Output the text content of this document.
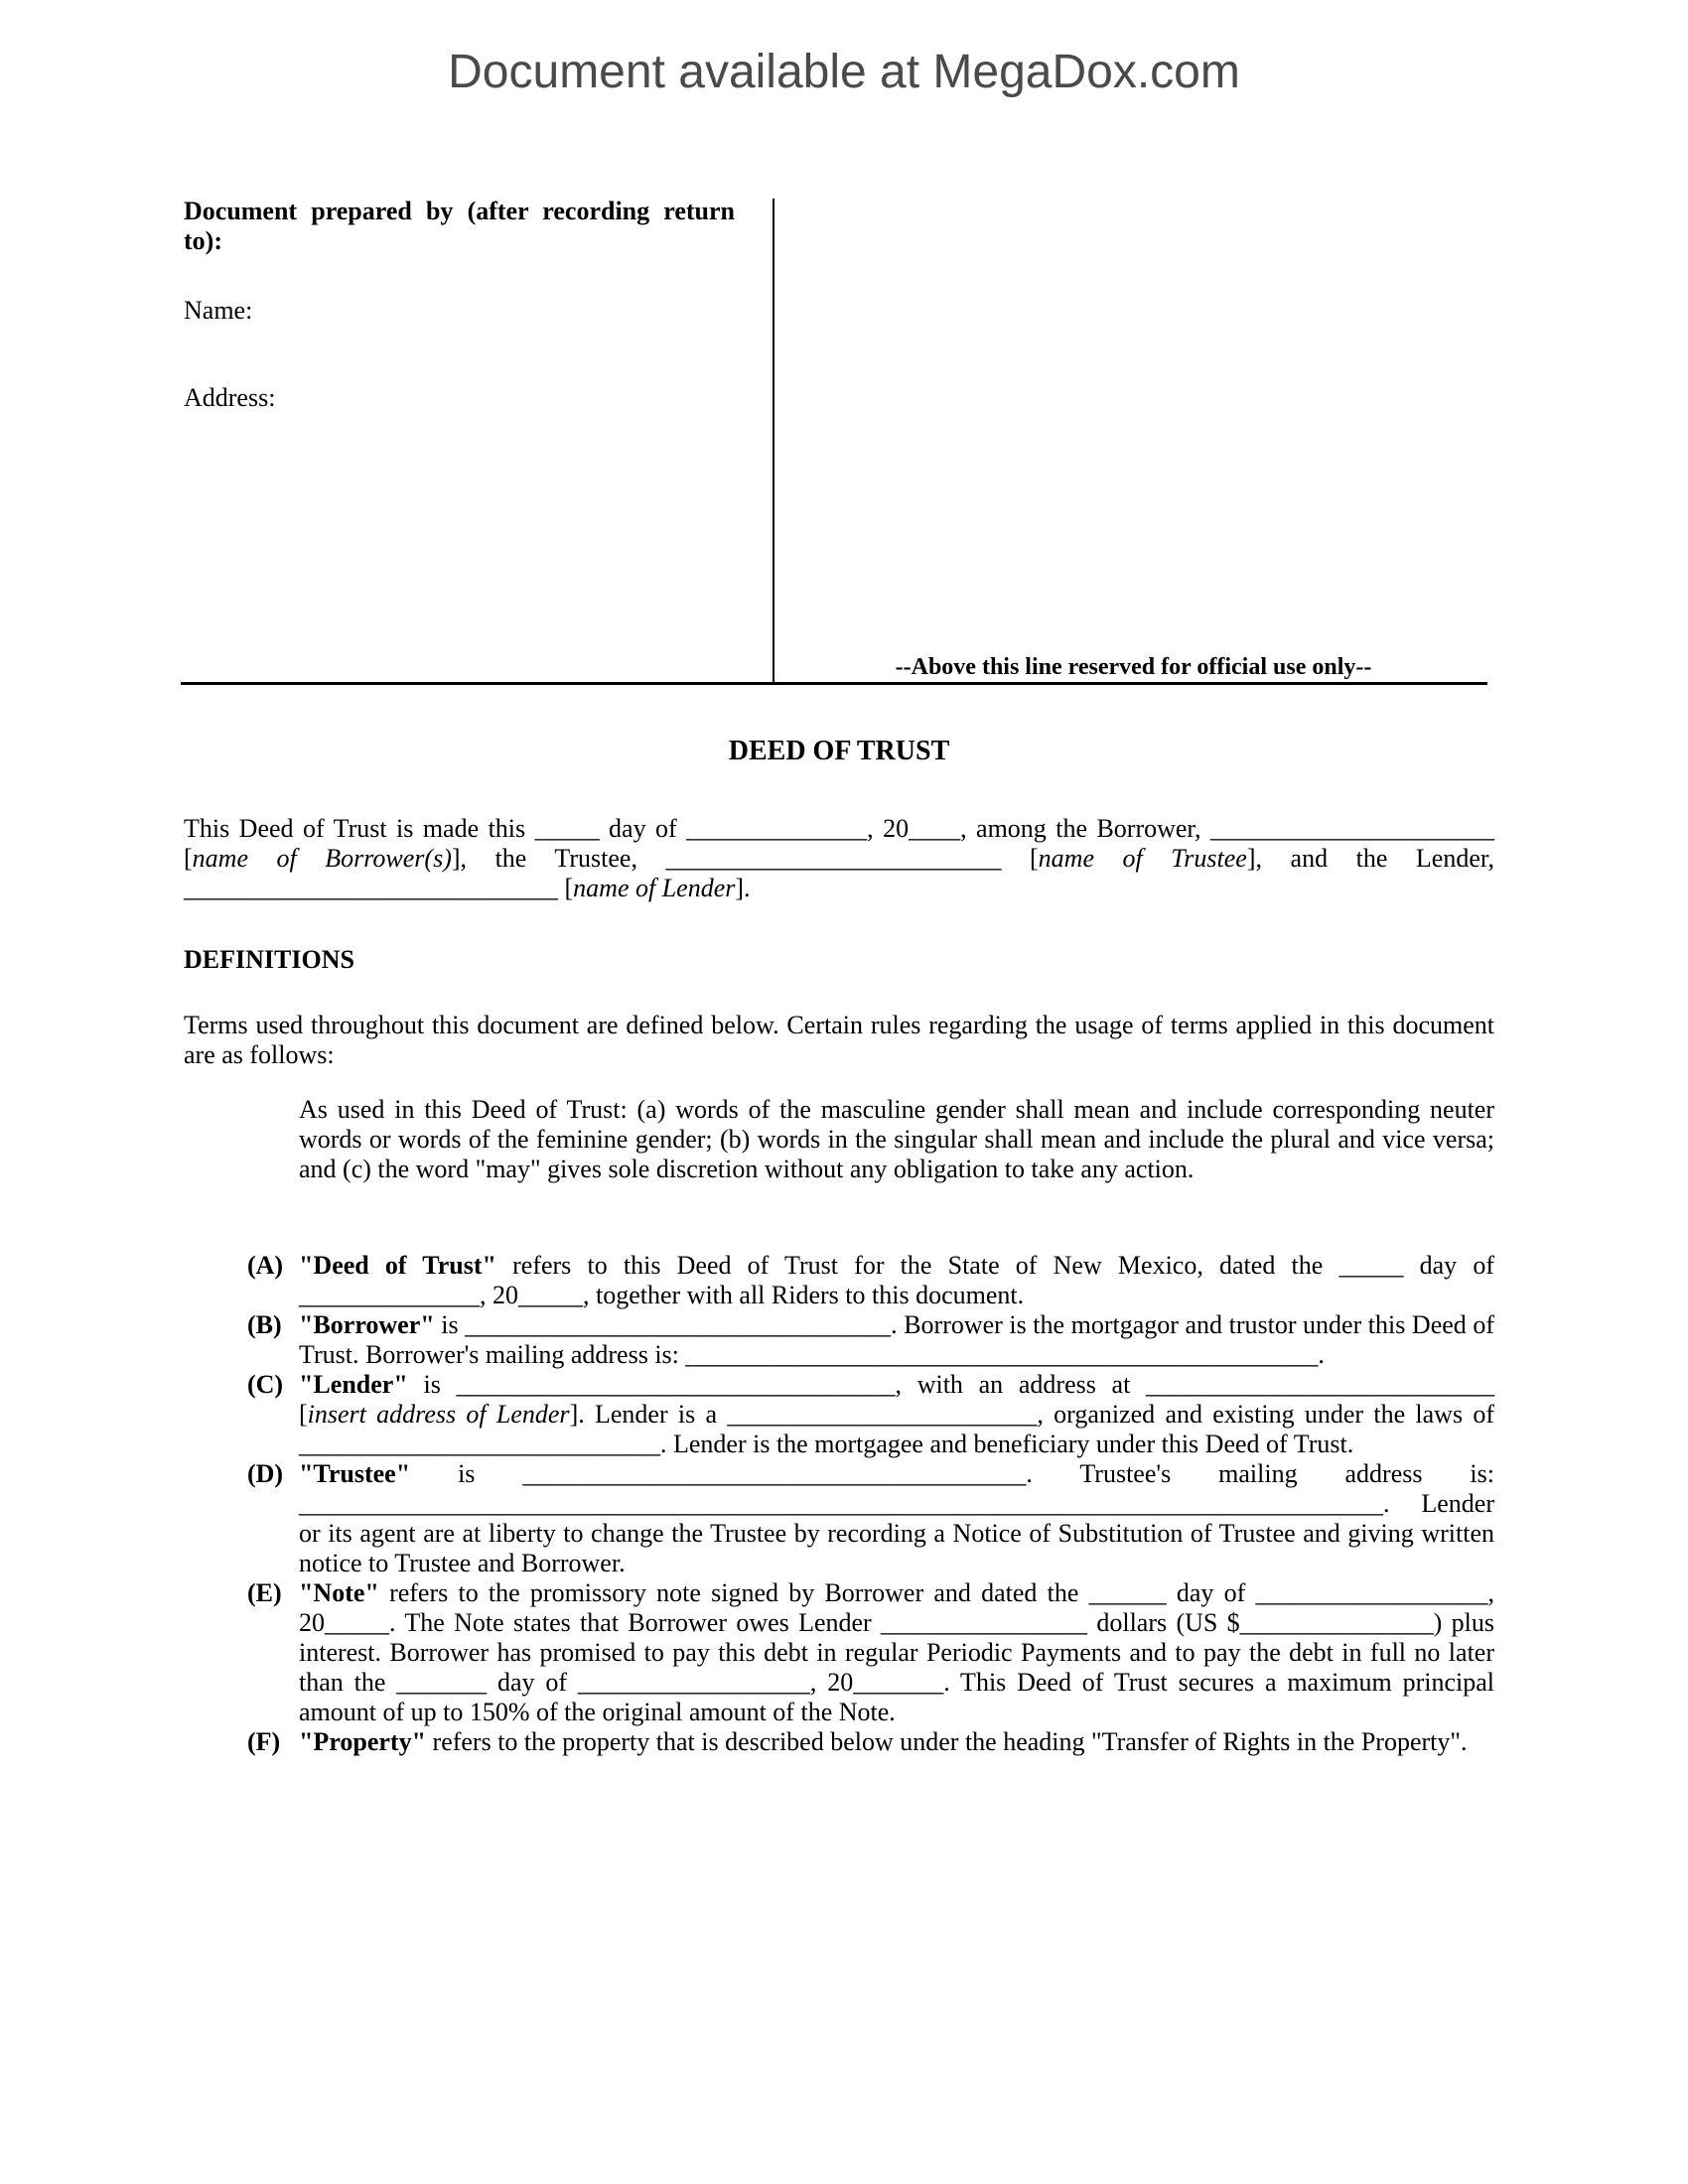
Document available at MegaDox.com
Document prepared by (after recording return to):
Name:
Address:
--Above this line reserved for official use only--
DEED OF TRUST
This Deed of Trust is made this _____ day of ______________, 20____, among the Borrower, ______________________ [name of Borrower(s)], the Trustee, __________________________ [name of Trustee], and the Lender, _____________________________ [name of Lender].
DEFINITIONS
Terms used throughout this document are defined below. Certain rules regarding the usage of terms applied in this document are as follows:
As used in this Deed of Trust: (a) words of the masculine gender shall mean and include corresponding neuter words or words of the feminine gender; (b) words in the singular shall mean and include the plural and vice versa; and (c) the word "may" gives sole discretion without any obligation to take any action.
(A) "Deed of Trust" refers to this Deed of Trust for the State of New Mexico, dated the _____ day of ______________, 20_____, together with all Riders to this document.
(B) "Borrower" is _________________________________. Borrower is the mortgagor and trustor under this Deed of Trust. Borrower's mailing address is: _________________________________________________.
(C) "Lender" is __________________________________, with an address at ___________________________ [insert address of Lender]. Lender is a ________________________, organized and existing under the laws of ____________________________. Lender is the mortgagee and beneficiary under this Deed of Trust.
(D) "Trustee" is _______________________________________. Trustee's mailing address is: ____________________________________________________________________________________. Lender or its agent are at liberty to change the Trustee by recording a Notice of Substitution of Trustee and giving written notice to Trustee and Borrower.
(E) "Note" refers to the promissory note signed by Borrower and dated the ______ day of __________________, 20_____. The Note states that Borrower owes Lender ________________ dollars (US $_______________) plus interest. Borrower has promised to pay this debt in regular Periodic Payments and to pay the debt in full no later than the _______ day of __________________, 20_______. This Deed of Trust secures a maximum principal amount of up to 150% of the original amount of the Note.
(F) "Property" refers to the property that is described below under the heading "Transfer of Rights in the Property".
